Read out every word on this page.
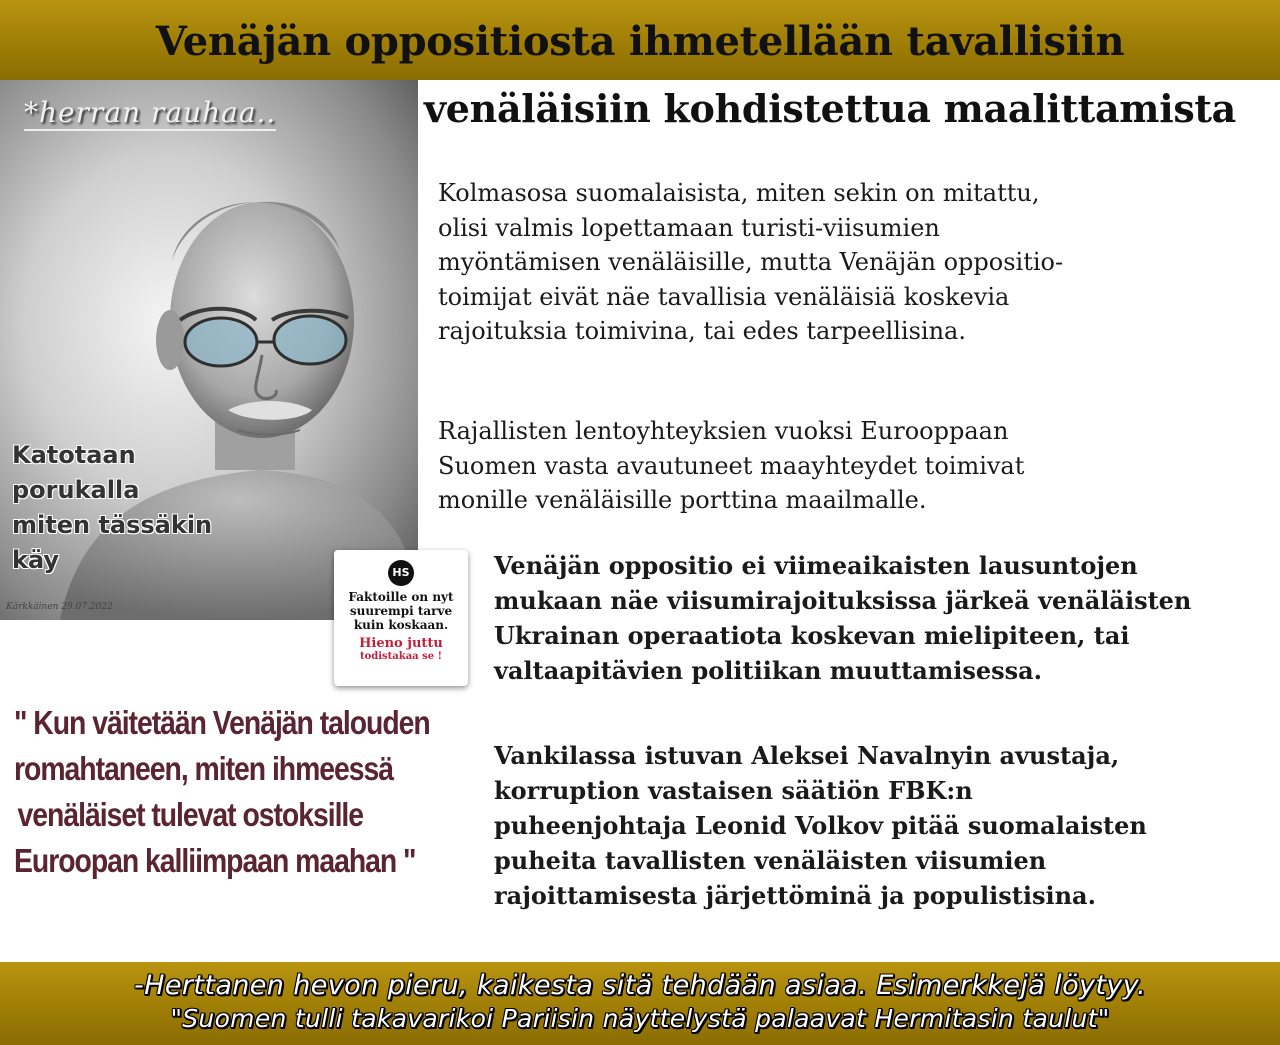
Venäjän oppositiosta ihmetellään tavallisiin
venäläisiin kohdistettua maalittamista
*herran rauhaa..

Katotaan
porukalla
miten tässäkin
käy

Kärkkäinen 29.07.2022

Kolmasosa suomalaisista, miten sekin on mitattu,
olisi valmis lopettamaan turisti-viisumien
myöntämisen venäläisille, mutta Venäjän oppositio-
toimijat eivät näe tavallisia venäläisiä koskevia
rajoituksia toimivina, tai edes tarpeellisina.

Rajallisten lentoyhteyksien vuoksi Eurooppaan
Suomen vasta avautuneet maayhteydet toimivat
monille venäläisille porttina maailmalle.

HS
Faktoille on nyt suurempi tarve kuin koskaan.
Hieno juttu
todistakaa se !

Venäjän oppositio ei viimeaikaisten lausuntojen
mukaan näe viisumirajoituksissa järkeä venäläisten
Ukrainan operaatiota koskevan mielipiteen, tai
valtaapitävien politiikan muuttamisessa.

Vankilassa istuvan Aleksei Navalnyin avustaja,
korruption vastaisen säätiön FBK:n
puheenjohtaja Leonid Volkov pitää suomalaisten
puheita tavallisten venäläisten viisumien
rajoittamisesta järjettöminä ja populistisina.

" Kun väitetään Venäjän talouden
romahtaneen, miten ihmeessä
venäläiset tulevat ostoksille
Euroopan kalliimpaan maahan "

-Herttanen hevon pieru, kaikesta sitä tehdään asiaa. Esimerkkejä löytyy.

"Suomen tulli takavarikoi Pariisin näyttelystä palaavat Hermitasin taulut"
